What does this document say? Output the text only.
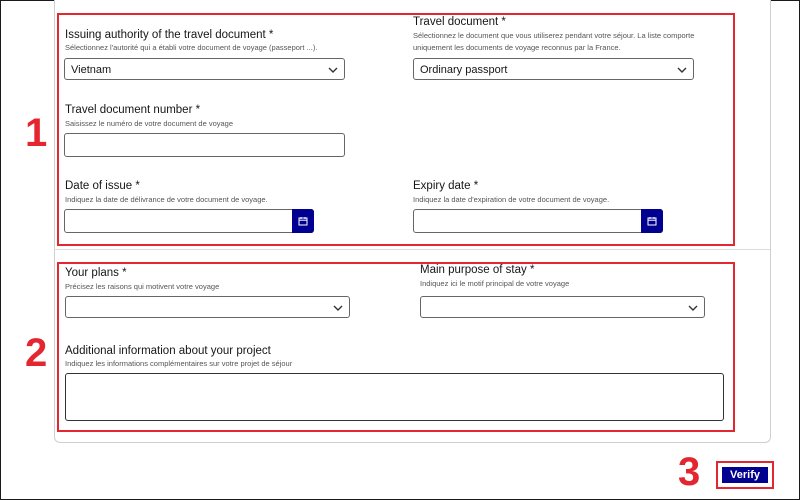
1
Issuing authority of the travel document *
Sélectionnez l'autorité qui a établi votre document de voyage (passeport ...).
Vietnam
Travel document *
Sélectionnez le document que vous utiliserez pendant votre séjour. La liste comporte uniquement les documents de voyage reconnus par la France.
Ordinary passport
Travel document number *
Saisissez le numéro de votre document de voyage
Date of issue *
Indiquez la date de délivrance de votre document de voyage.
Expiry date *
Indiquez la date d'expiration de votre document de voyage.
2
Your plans *
Précisez les raisons qui motivent votre voyage
Main purpose of stay *
Indiquez ici le motif principal de votre voyage
Additional information about your project
Indiquez les informations complémentaires sur votre projet de séjour
3	Verify
